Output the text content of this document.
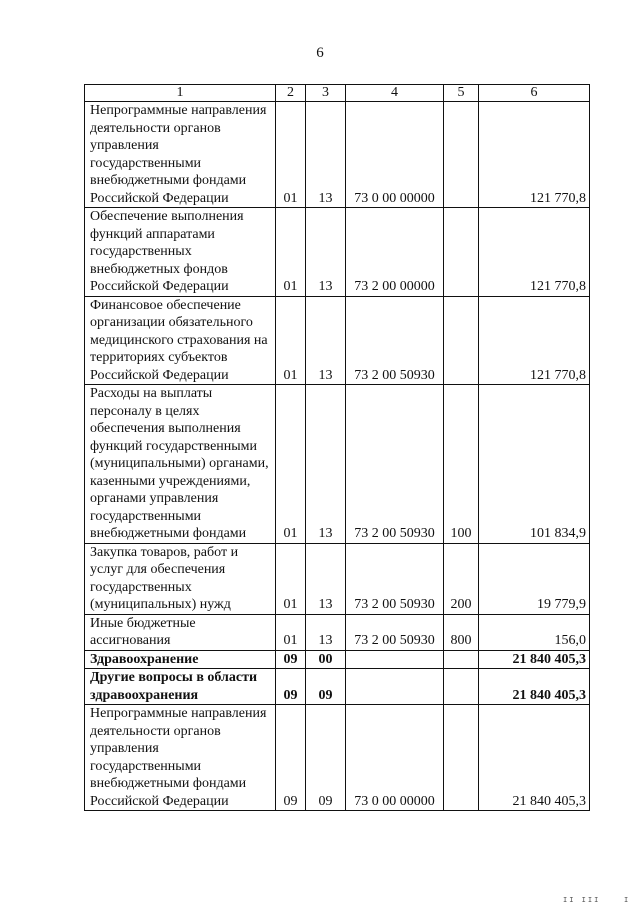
6
1	2	3	4	5	6
Непрограммные направления деятельности органов управления государственными внебюджетными фондами Российской Федерации	01	13	73 0 00 00000		121 770,8
Обеспечение выполнения функций аппаратами государственных внебюджетных фондов Российской Федерации	01	13	73 2 00 00000		121 770,8
Финансовое обеспечение организации обязательного медицинского страхования на территориях субъектов Российской Федерации	01	13	73 2 00 50930		121 770,8
Расходы на выплаты персоналу в целях обеспечения выполнения функций государственными (муниципальными) органами, казенными учреждениями, органами управления государственными внебюджетными фондами	01	13	73 2 00 50930	100	101 834,9
Закупка товаров, работ и услуг для обеспечения государственных (муниципальных) нужд	01	13	73 2 00 50930	200	19 779,9
Иные бюджетные ассигнования	01	13	73 2 00 50930	800	156,0
Здравоохранение	09	00			21 840 405,3
Другие вопросы в области здравоохранения	09	09			21 840 405,3
Непрограммные направления деятельности органов управления государственными внебюджетными фондами Российской Федерации	09	09	73 0 00 00000		21 840 405,3
II III	I
